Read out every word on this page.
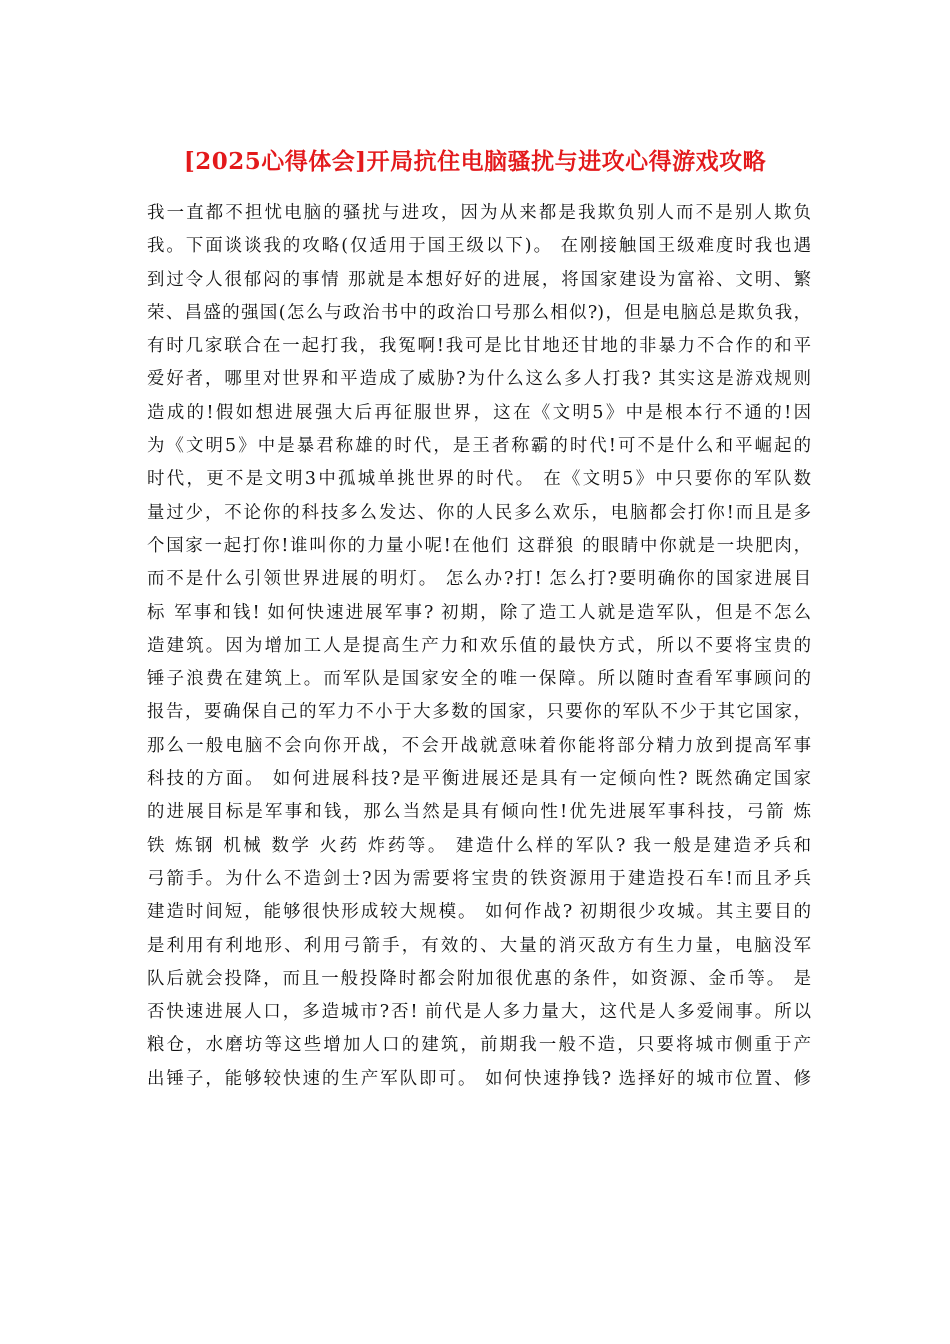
[2025心得体会]开局抗住电脑骚扰与进攻心得游戏攻略
我一直都不担忧电脑的骚扰与进攻，因为从来都是我欺负别人而不是别人欺负
我。下面谈谈我的攻略(仅适用于国王级以下)。 在刚接触国王级难度时我也遇
到过令人很郁闷的事情 那就是本想好好的进展，将国家建设为富裕、文明、繁
荣、昌盛的强国(怎么与政治书中的政治口号那么相似?)，但是电脑总是欺负我，
有时几家联合在一起打我，我冤啊!我可是比甘地还甘地的非暴力不合作的和平
爱好者，哪里对世界和平造成了威胁?为什么这么多人打我? 其实这是游戏规则
造成的!假如想进展强大后再征服世界，这在《文明5》中是根本行不通的!因
为《文明5》中是暴君称雄的时代，是王者称霸的时代!可不是什么和平崛起的
时代，更不是文明3中孤城单挑世界的时代。 在《文明5》中只要你的军队数
量过少，不论你的科技多么发达、你的人民多么欢乐，电脑都会打你!而且是多
个国家一起打你!谁叫你的力量小呢!在他们 这群狼 的眼睛中你就是一块肥肉，
而不是什么引领世界进展的明灯。 怎么办?打! 怎么打?要明确你的国家进展目
标 军事和钱! 如何快速进展军事? 初期，除了造工人就是造军队，但是不怎么
造建筑。因为增加工人是提高生产力和欢乐值的最快方式，所以不要将宝贵的
锤子浪费在建筑上。而军队是国家安全的唯一保障。所以随时查看军事顾问的
报告，要确保自己的军力不小于大多数的国家，只要你的军队不少于其它国家，
那么一般电脑不会向你开战，不会开战就意味着你能将部分精力放到提高军事
科技的方面。 如何进展科技?是平衡进展还是具有一定倾向性? 既然确定国家
的进展目标是军事和钱，那么当然是具有倾向性!优先进展军事科技，弓箭 炼
铁 炼钢 机械 数学 火药 炸药等。 建造什么样的军队? 我一般是建造矛兵和
弓箭手。为什么不造剑士?因为需要将宝贵的铁资源用于建造投石车!而且矛兵
建造时间短，能够很快形成较大规模。 如何作战? 初期很少攻城。其主要目的
是利用有利地形、利用弓箭手，有效的、大量的消灭敌方有生力量，电脑没军
队后就会投降，而且一般投降时都会附加很优惠的条件，如资源、金币等。 是
否快速进展人口，多造城市?否! 前代是人多力量大，这代是人多爱闹事。所以
粮仓，水磨坊等这些增加人口的建筑，前期我一般不造，只要将城市侧重于产
出锤子，能够较快速的生产军队即可。 如何快速挣钱? 选择好的城市位置、修
